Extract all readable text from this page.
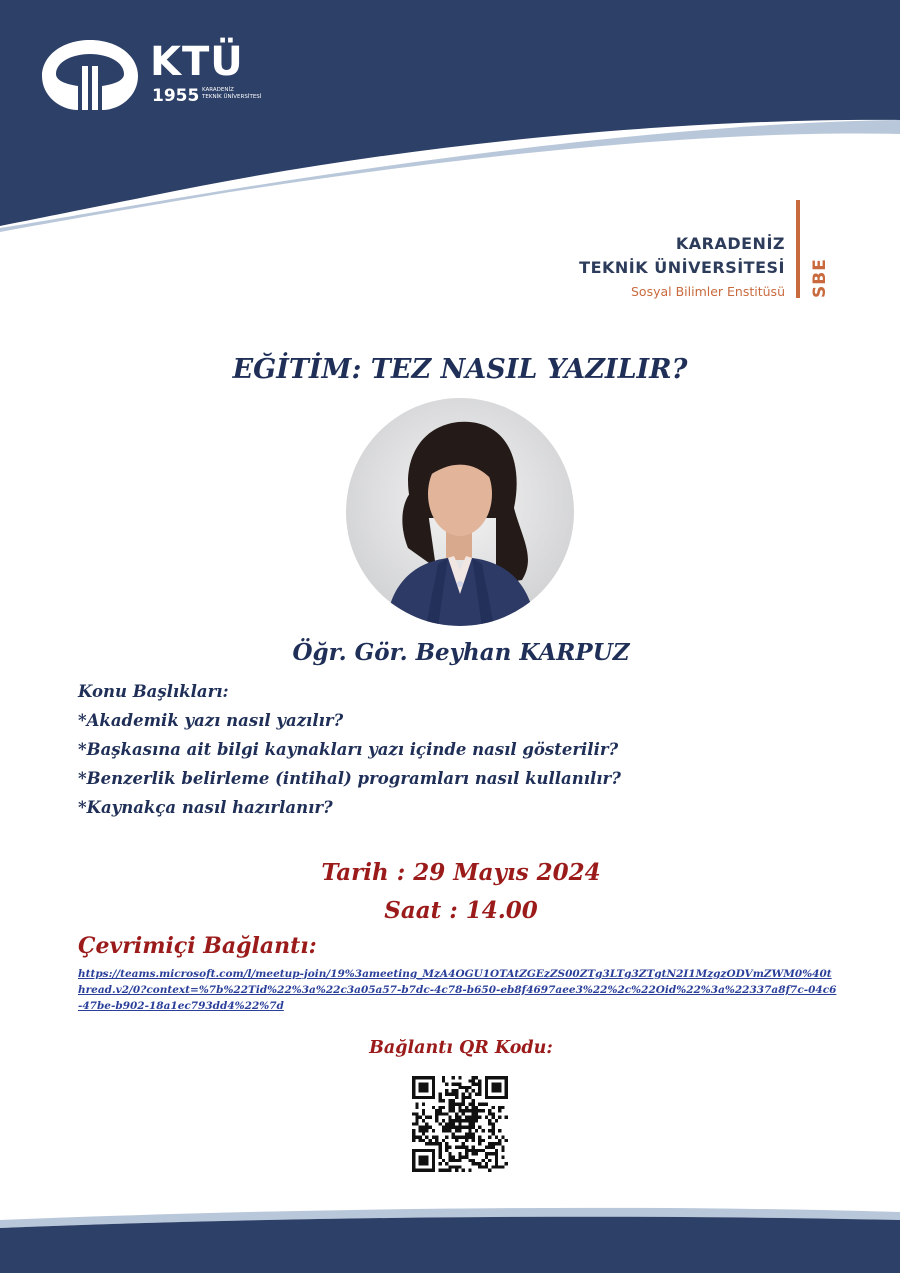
KTÜ
1955 KARADENİZ
TEKNİK ÜNİVERSİTESİ
KARADENİZ
TEKNİK ÜNİVERSİTESİ
Sosyal Bilimler Enstitüsü SBE
EĞİTİM: TEZ NASIL YAZILIR?
Öğr. Gör. Beyhan KARPUZ
Konu Başlıkları:
*Akademik yazı nasıl yazılır?
*Başkasına ait bilgi kaynakları yazı içinde nasıl gösterilir?
*Benzerlik belirleme (intihal) programları nasıl kullanılır?
*Kaynakça nasıl hazırlanır?
Tarih : 29 Mayıs 2024
Saat : 14.00
Çevrimiçi Bağlantı:
https://teams.microsoft.com/l/meetup-join/19%3ameeting_MzA4OGU1OTAtZGEzZS00ZTg3LTg3ZTgtN2I1MzgzODVmZWM0%40thread.v2/0?context=%7b%22Tid%22%3a%22c3a05a57-b7dc-4c78-b650-eb8f4697aee3%22%2c%22Oid%22%3a%22337a8f7c-04c6-47be-b902-18a1ec793dd4%22%7d
Bağlantı QR Kodu:
